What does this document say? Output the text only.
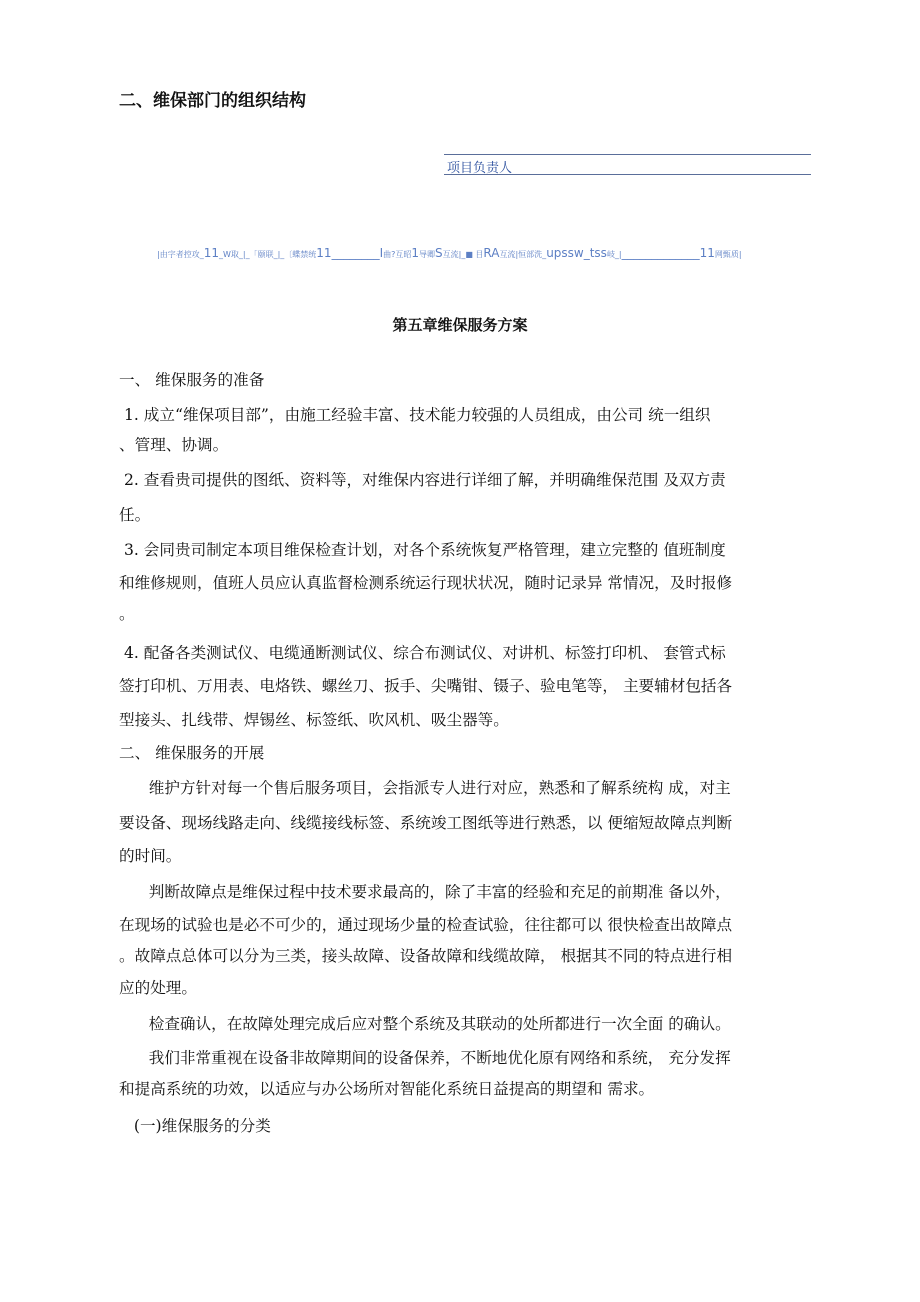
二、维保部门的组织结构
项目负责人
|由字者控攻_11_W取_|_「颐联_|_〔蝶禁统11________I曲?互昭1导卿S互流|_■ 目RA互流|恒部洗_upssw_tss岐_|_____________11网甄质|
第五章维保服务方案
一、 维保服务的准备
1. 成立“维保项目部”，由施工经验丰富、技术能力较强的人员组成，由公司 统一组织
、管理、协调。
2. 查看贵司提供的图纸、资料等，对维保内容进行详细了解，并明确维保范围 及双方责
任。
3. 会同贵司制定本项目维保检查计划，对各个系统恢复严格管理，建立完整的 值班制度
和维修规则，值班人员应认真监督检测系统运行现状状况，随时记录异 常情况，及时报修
。
4. 配备各类测试仪、电缆通断测试仪、综合布测试仪、对讲机、标签打印机、 套管式标
签打印机、万用表、电烙铁、螺丝刀、扳手、尖嘴钳、镊子、验电笔等， 主要辅材包括各
型接头、扎线带、焊锡丝、标签纸、吹风机、吸尘器等。
二、 维保服务的开展
维护方针对每一个售后服务项目，会指派专人进行对应，熟悉和了解系统构 成，对主
要设备、现场线路走向、线缆接线标签、系统竣工图纸等进行熟悉，以 便缩短故障点判断
的时间。
判断故障点是维保过程中技术要求最高的，除了丰富的经验和充足的前期准 备以外，
在现场的试验也是必不可少的，通过现场少量的检查试验，往往都可以 很快检查出故障点
。故障点总体可以分为三类，接头故障、设备故障和线缆故障， 根据其不同的特点进行相
应的处理。
检查确认，在故障处理完成后应对整个系统及其联动的处所都进行一次全面 的确认。
我们非常重视在设备非故障期间的设备保养，不断地优化原有网络和系统， 充分发挥
和提高系统的功效，以适应与办公场所对智能化系统日益提高的期望和 需求。
(一)维保服务的分类
